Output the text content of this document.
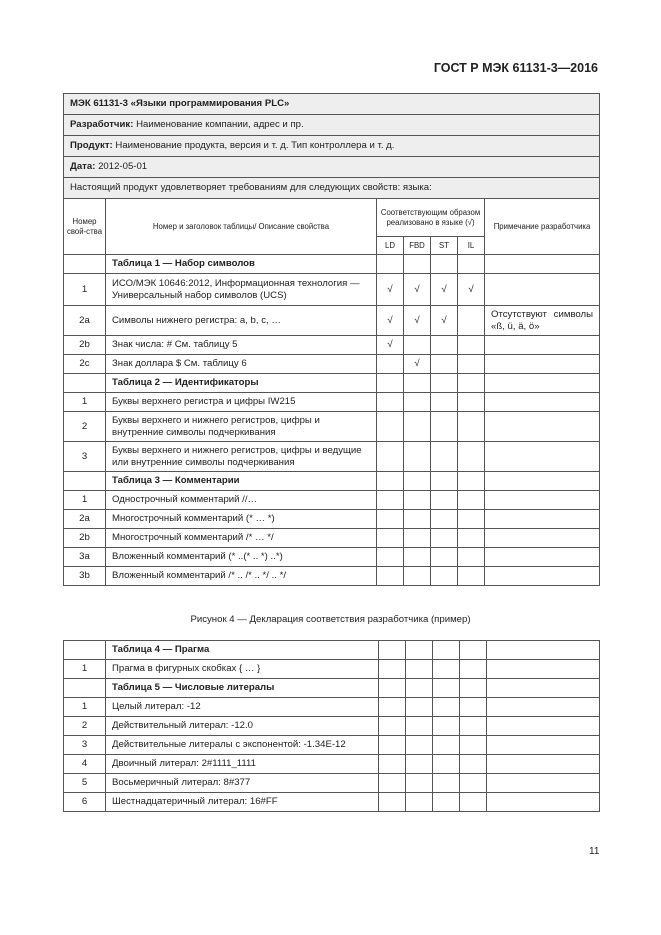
ГОСТ Р МЭК 61131-3—2016
МЭК 61131-3 «Языки программирования PLC»						
Разработчик: Наименование компании, адрес и пр.						
Продукт: Наименование продукта, версия и т. д. Тип контроллера и т. д.						
Дата: 2012-05-01						
Настоящий продукт удовлетворяет требованиям для следующих свойств: языка:						
Номер свой-ства	Номер и заголовок таблицы/ Описание свойства	Соответствующим образом реализовано в языке (√)				Примечание разработчика
		LD	FBD	ST	IL	
	Таблица 1 — Набор символов					
1	ИСО/МЭК 10646:2012, Информационная технология — Универсальный набор символов (UCS)	√	√	√	√	
2a	Символы нижнего регистра: a, b, c, …	√	√	√		Отсутствуют символы «ß, ü, ä, ö»
2b	Знак числа: # См. таблицу 5	√				
2c	Знак доллара $ См. таблицу 6		√			
	Таблица 2 — Идентификаторы					
1	Буквы верхнего регистра и цифры IW215					
2	Буквы верхнего и нижнего регистров, цифры и внутренние символы подчеркивания					
3	Буквы верхнего и нижнего регистров, цифры и ведущие или внутренние символы подчеркивания					
	Таблица 3 — Комментарии					
1	Однострочный комментарий //…					
2a	Многострочный комментарий (* … *)					
2b	Многострочный комментарий /* … */					
3a	Вложенный комментарий (* ..(* .. *) ..*)					
3b	Вложенный комментарий /* .. /* .. */ .. */					
Рисунок 4 — Декларация соответствия разработчика (пример)
	Таблица 4 — Прагма					
1	Прагма в фигурных скобках { … }					
	Таблица 5 — Числовые литералы					
1	Целый литерал: -12					
2	Действительный литерал: -12.0					
3	Действительные литералы с экспонентой: -1.34E-12					
4	Двоичный литерал: 2#1111_1111					
5	Восьмеричный литерал: 8#377					
6	Шестнадцатеричный литерал: 16#FF					
11
